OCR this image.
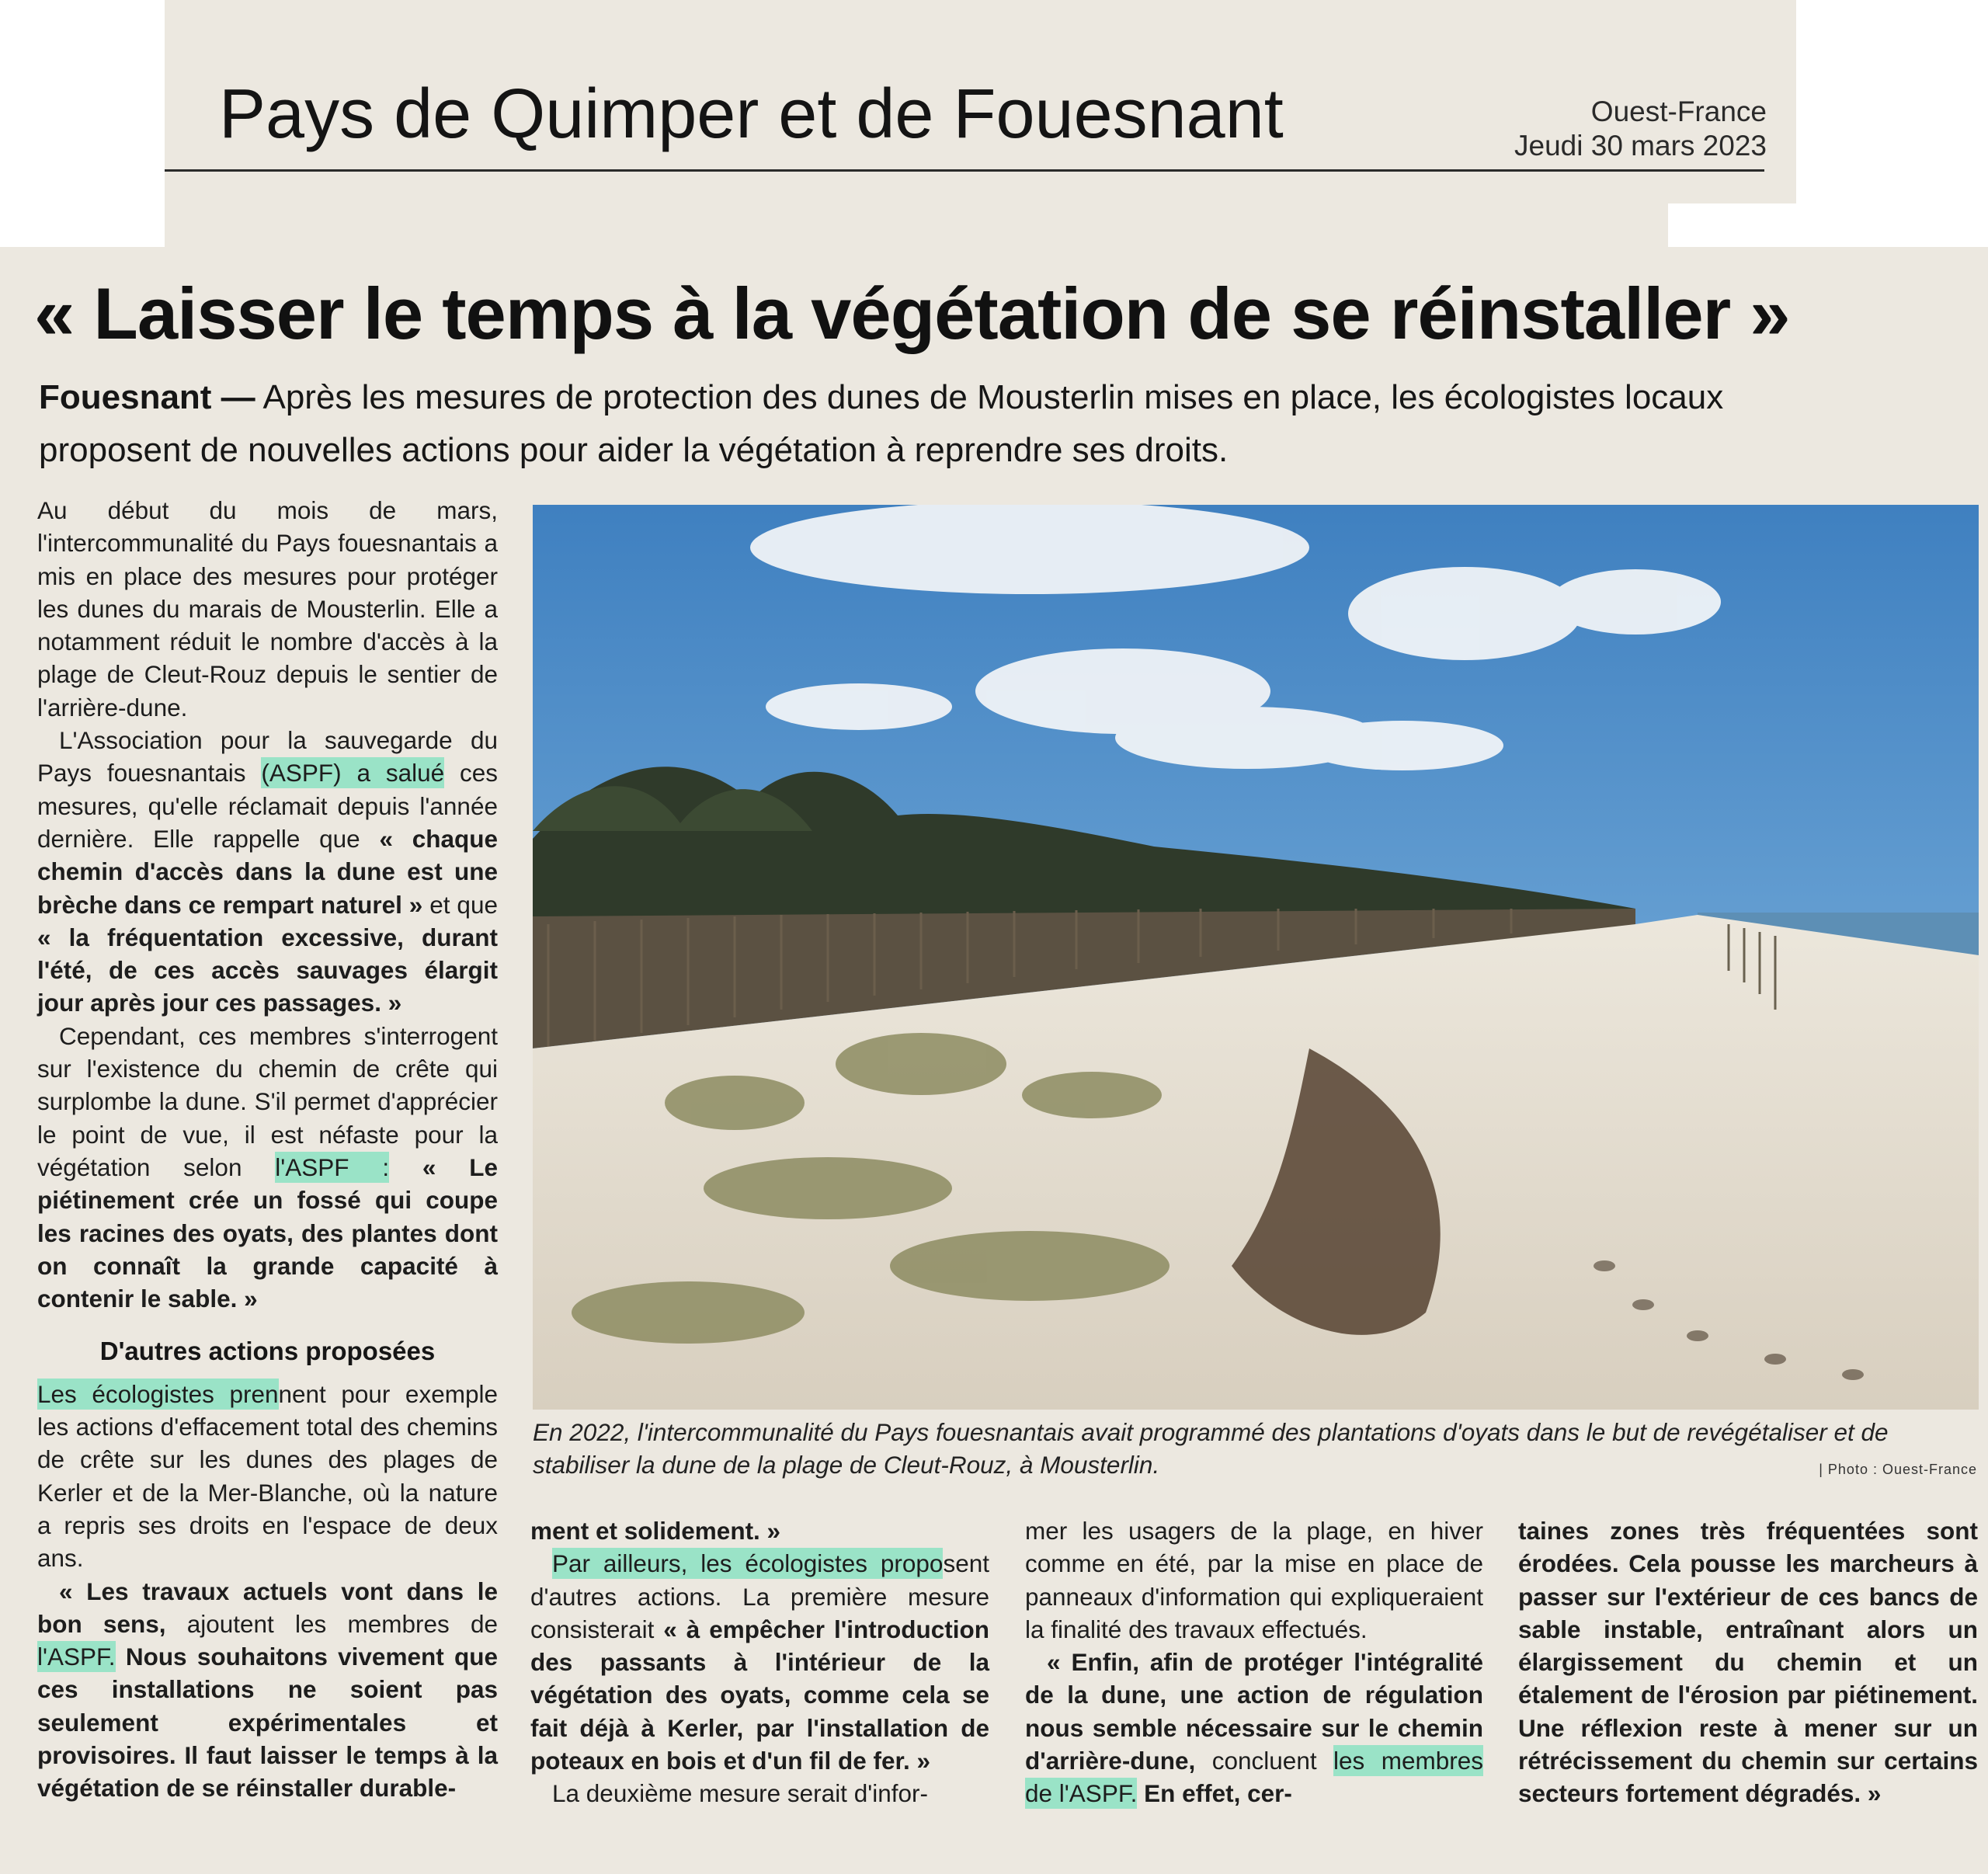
Pays de Quimper et de Fouesnant	Ouest-France
Jeudi 30 mars 2023
« Laisser le temps à la végétation de se réinstaller »
Fouesnant — Après les mesures de protection des dunes de Mousterlin mises en place, les écologistes locaux proposent de nouvelles actions pour aider la végétation à reprendre ses droits.

Au début du mois de mars, l'intercommunalité du Pays fouesnantais a mis en place des mesures pour protéger les dunes du marais de Mousterlin. Elle a notamment réduit le nombre d'accès à la plage de Cleut-Rouz depuis le sentier de l'arrière-dune.

L'Association pour la sauvegarde du Pays fouesnantais (ASPF) a salué ces mesures, qu'elle réclamait depuis l'année dernière. Elle rappelle que « chaque chemin d'accès dans la dune est une brèche dans ce rempart naturel » et que « la fréquentation excessive, durant l'été, de ces accès sauvages élargit jour après jour ces passages. »

Cependant, ces membres s'interrogent sur l'existence du chemin de crête qui surplombe la dune. S'il permet d'apprécier le point de vue, il est néfaste pour la végétation selon l'ASPF : « Le piétinement crée un fossé qui coupe les racines des oyats, des plantes dont on connaît la grande capacité à contenir le sable. »

D'autres actions proposées

Les écologistes prennent pour exemple les actions d'effacement total des chemins de crête sur les dunes des plages de Kerler et de la Mer-Blanche, où la nature a repris ses droits en l'espace de deux ans.

« Les travaux actuels vont dans le bon sens, ajoutent les membres de l'ASPF. Nous souhaitons vivement que ces installations ne soient pas seulement expérimentales et provisoires. Il faut laisser le temps à la végétation de se réinstaller durable-

En 2022, l'intercommunalité du Pays fouesnantais avait programmé des plantations d'oyats dans le but de revégétaliser et de stabiliser la dune de la plage de Cleut-Rouz, à Mousterlin.	| Photo : Ouest-France

ment et solidement. »

Par ailleurs, les écologistes proposent d'autres actions. La première mesure consisterait « à empêcher l'introduction des passants à l'intérieur de la végétation des oyats, comme cela se fait déjà à Kerler, par l'installation de poteaux en bois et d'un fil de fer. »

La deuxième mesure serait d'infor-

mer les usagers de la plage, en hiver comme en été, par la mise en place de panneaux d'information qui expliqueraient la finalité des travaux effectués.

« Enfin, afin de protéger l'intégralité de la dune, une action de régulation nous semble nécessaire sur le chemin d'arrière-dune, concluent les membres de l'ASPF. En effet, cer-

taines zones très fréquentées sont érodées. Cela pousse les marcheurs à passer sur l'extérieur de ces bancs de sable instable, entraînant alors un élargissement du chemin et un étalement de l'érosion par piétinement. Une réflexion reste à mener sur un rétrécissement du chemin sur certains secteurs fortement dégradés. »
